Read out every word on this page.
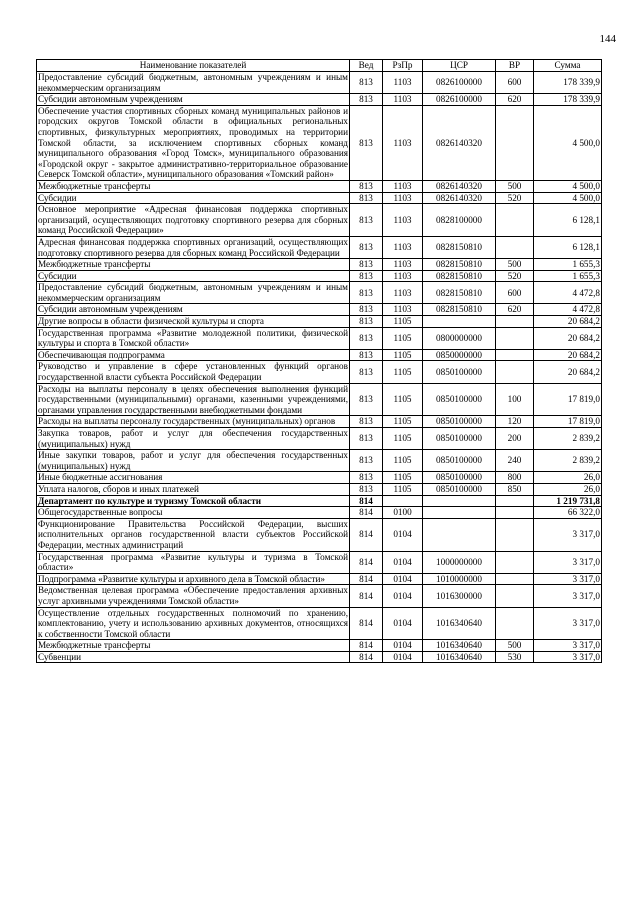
144
Наименование показателей	Вед	РзПр	ЦСР	ВР	Сумма
Предоставление субсидий бюджетным, автономным учреждениям и иным некоммерческим организациям	813	1103	0826100000	600	178 339,9
Субсидии автономным учреждениям	813	1103	0826100000	620	178 339,9
Обеспечение участия спортивных сборных команд муниципальных районов и городских округов Томской области в официальных региональных спортивных, физкультурных мероприятиях, проводимых на территории Томской области, за исключением спортивных сборных команд муниципального образования «Город Томск», муниципального образования «Городской округ - закрытое административно-территориальное образование Северск Томской области», муниципального образования «Томский район»	813	1103	0826140320		4 500,0
Межбюджетные трансферты	813	1103	0826140320	500	4 500,0
Субсидии	813	1103	0826140320	520	4 500,0
Основное мероприятие «Адресная финансовая поддержка спортивных организаций, осуществляющих подготовку спортивного резерва для сборных команд Российской Федерации»	813	1103	0828100000		6 128,1
Адресная финансовая поддержка спортивных организаций, осуществляющих подготовку спортивного резерва для сборных команд Российской Федерации	813	1103	0828150810		6 128,1
Межбюджетные трансферты	813	1103	0828150810	500	1 655,3
Субсидии	813	1103	0828150810	520	1 655,3
Предоставление субсидий бюджетным, автономным учреждениям и иным некоммерческим организациям	813	1103	0828150810	600	4 472,8
Субсидии автономным учреждениям	813	1103	0828150810	620	4 472,8
Другие вопросы в области физической культуры и спорта	813	1105			20 684,2
Государственная программа «Развитие молодежной политики, физической культуры и спорта в Томской области»	813	1105	0800000000		20 684,2
Обеспечивающая подпрограмма	813	1105	0850000000		20 684,2
Руководство и управление в сфере установленных функций органов государственной власти субъекта Российской Федерации	813	1105	0850100000		20 684,2
Расходы на выплаты персоналу в целях обеспечения выполнения функций государственными (муниципальными) органами, казенными учреждениями, органами управления государственными внебюджетными фондами	813	1105	0850100000	100	17 819,0
Расходы на выплаты персоналу государственных (муниципальных) органов	813	1105	0850100000	120	17 819,0
Закупка товаров, работ и услуг для обеспечения государственных (муниципальных) нужд	813	1105	0850100000	200	2 839,2
Иные закупки товаров, работ и услуг для обеспечения государственных (муниципальных) нужд	813	1105	0850100000	240	2 839,2
Иные бюджетные ассигнования	813	1105	0850100000	800	26,0
Уплата налогов, сборов и иных платежей	813	1105	0850100000	850	26,0
Департамент по культуре и туризму Томской области	814				1 219 731,8
Общегосударственные вопросы	814	0100			66 322,0
Функционирование Правительства Российской Федерации, высших исполнительных органов государственной власти субъектов Российской Федерации, местных администраций	814	0104			3 317,0
Государственная программа «Развитие культуры и туризма в Томской области»	814	0104	1000000000		3 317,0
Подпрограмма «Развитие культуры и архивного дела в Томской области»	814	0104	1010000000		3 317,0
Ведомственная целевая программа «Обеспечение предоставления архивных услуг архивными учреждениями Томской области»	814	0104	1016300000		3 317,0
Осуществление отдельных государственных полномочий по хранению, комплектованию, учету и использованию архивных документов, относящихся к собственности Томской области	814	0104	1016340640		3 317,0
Межбюджетные трансферты	814	0104	1016340640	500	3 317,0
Субвенции	814	0104	1016340640	530	3 317,0
